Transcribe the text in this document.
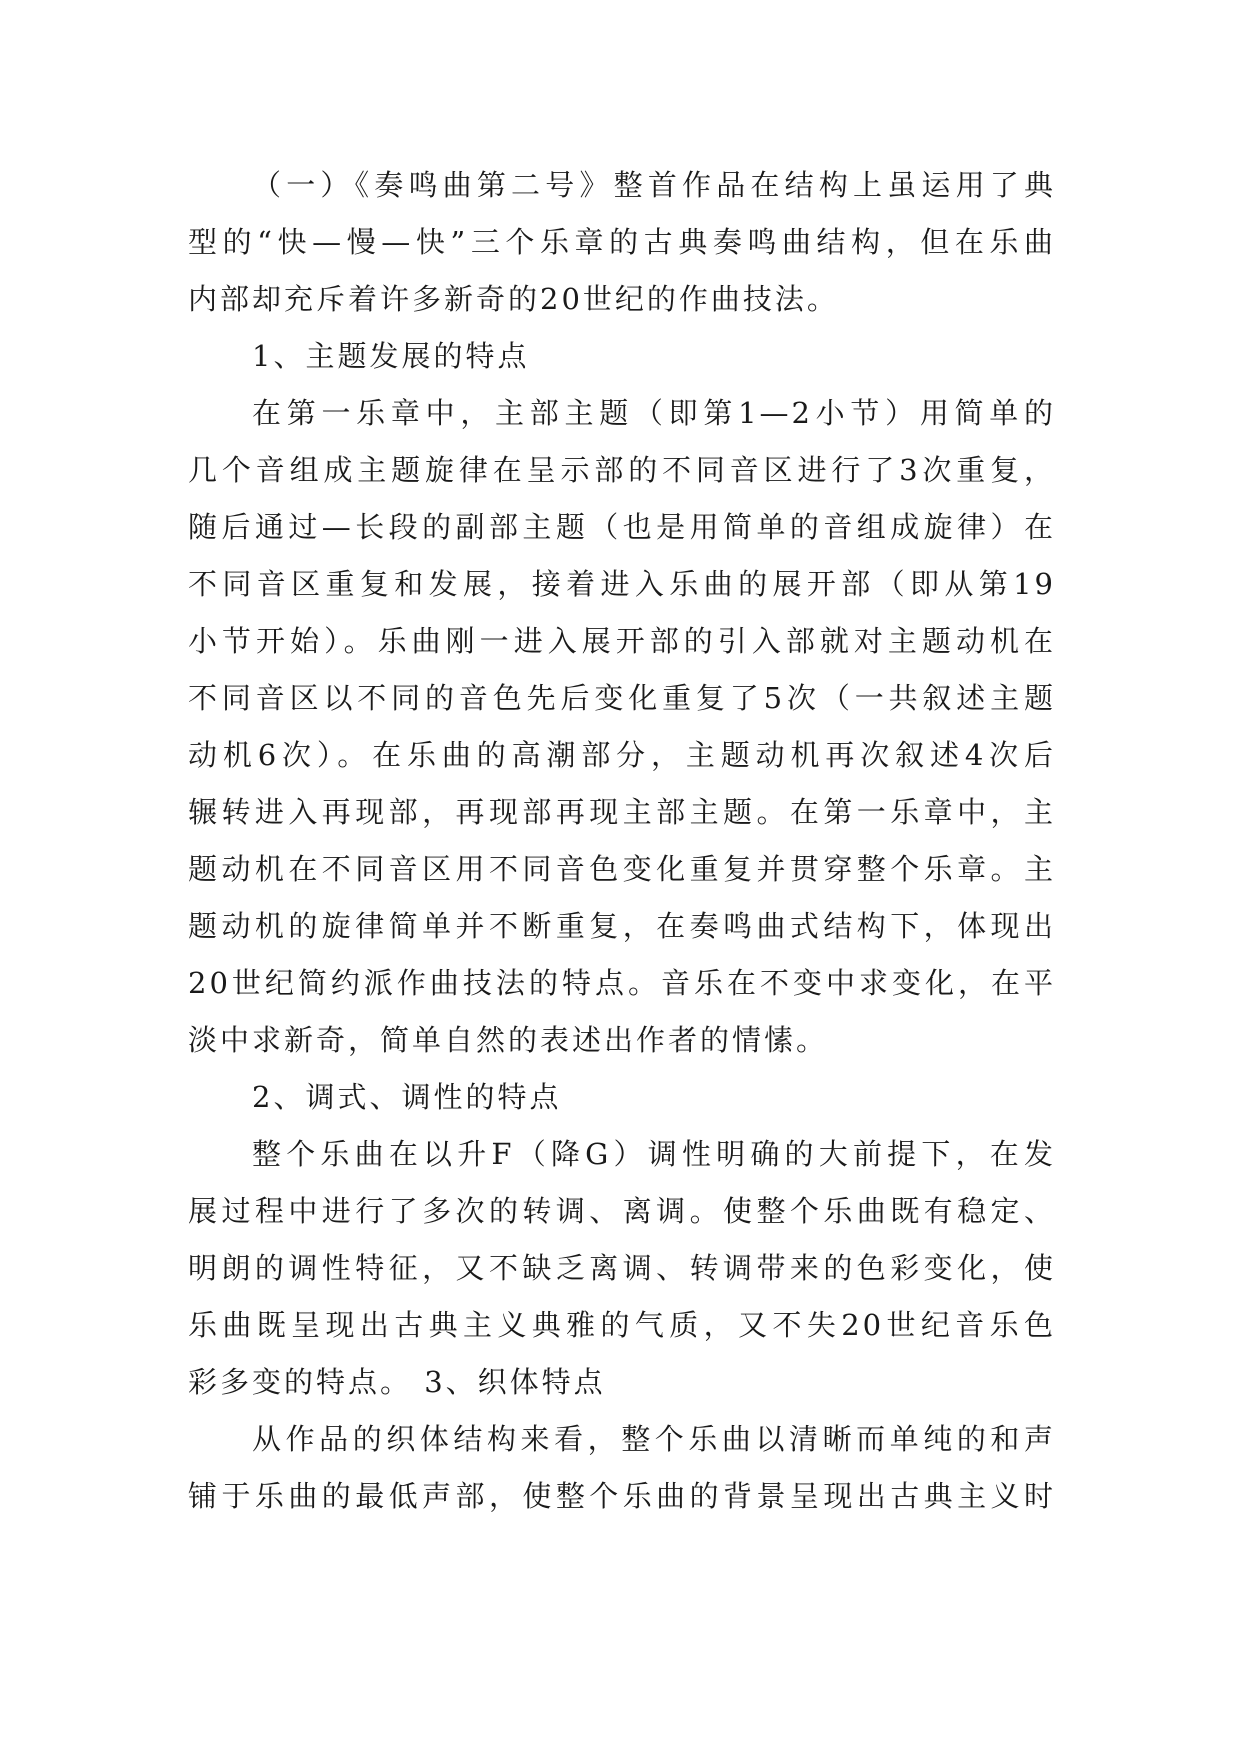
（一）《奏鸣曲第二号》整首作品在结构上虽运用了典
型的“快—慢—快”三个乐章的古典奏鸣曲结构，但在乐曲
内部却充斥着许多新奇的20世纪的作曲技法。
1、主题发展的特点
在第一乐章中，主部主题（即第1—2小节）用简单的
几个音组成主题旋律在呈示部的不同音区进行了3次重复，
随后通过—长段的副部主题（也是用简单的音组成旋律）在
不同音区重复和发展，接着进入乐曲的展开部（即从第19
小节开始）。乐曲刚一进入展开部的引入部就对主题动机在
不同音区以不同的音色先后变化重复了5次（一共叙述主题
动机6次）。在乐曲的高潮部分，主题动机再次叙述4次后
辗转进入再现部，再现部再现主部主题。在第一乐章中，主
题动机在不同音区用不同音色变化重复并贯穿整个乐章。主
题动机的旋律简单并不断重复，在奏鸣曲式结构下，体现出
20世纪简约派作曲技法的特点。音乐在不变中求变化，在平
淡中求新奇，简单自然的表述出作者的情愫。
2、调式、调性的特点
整个乐曲在以升F（降G）调性明确的大前提下，在发
展过程中进行了多次的转调、离调。使整个乐曲既有稳定、
明朗的调性特征，又不缺乏离调、转调带来的色彩变化，使
乐曲既呈现出古典主义典雅的气质，又不失20世纪音乐色
彩多变的特点。 3、织体特点
从作品的织体结构来看，整个乐曲以清晰而单纯的和声
铺于乐曲的最低声部，使整个乐曲的背景呈现出古典主义时
